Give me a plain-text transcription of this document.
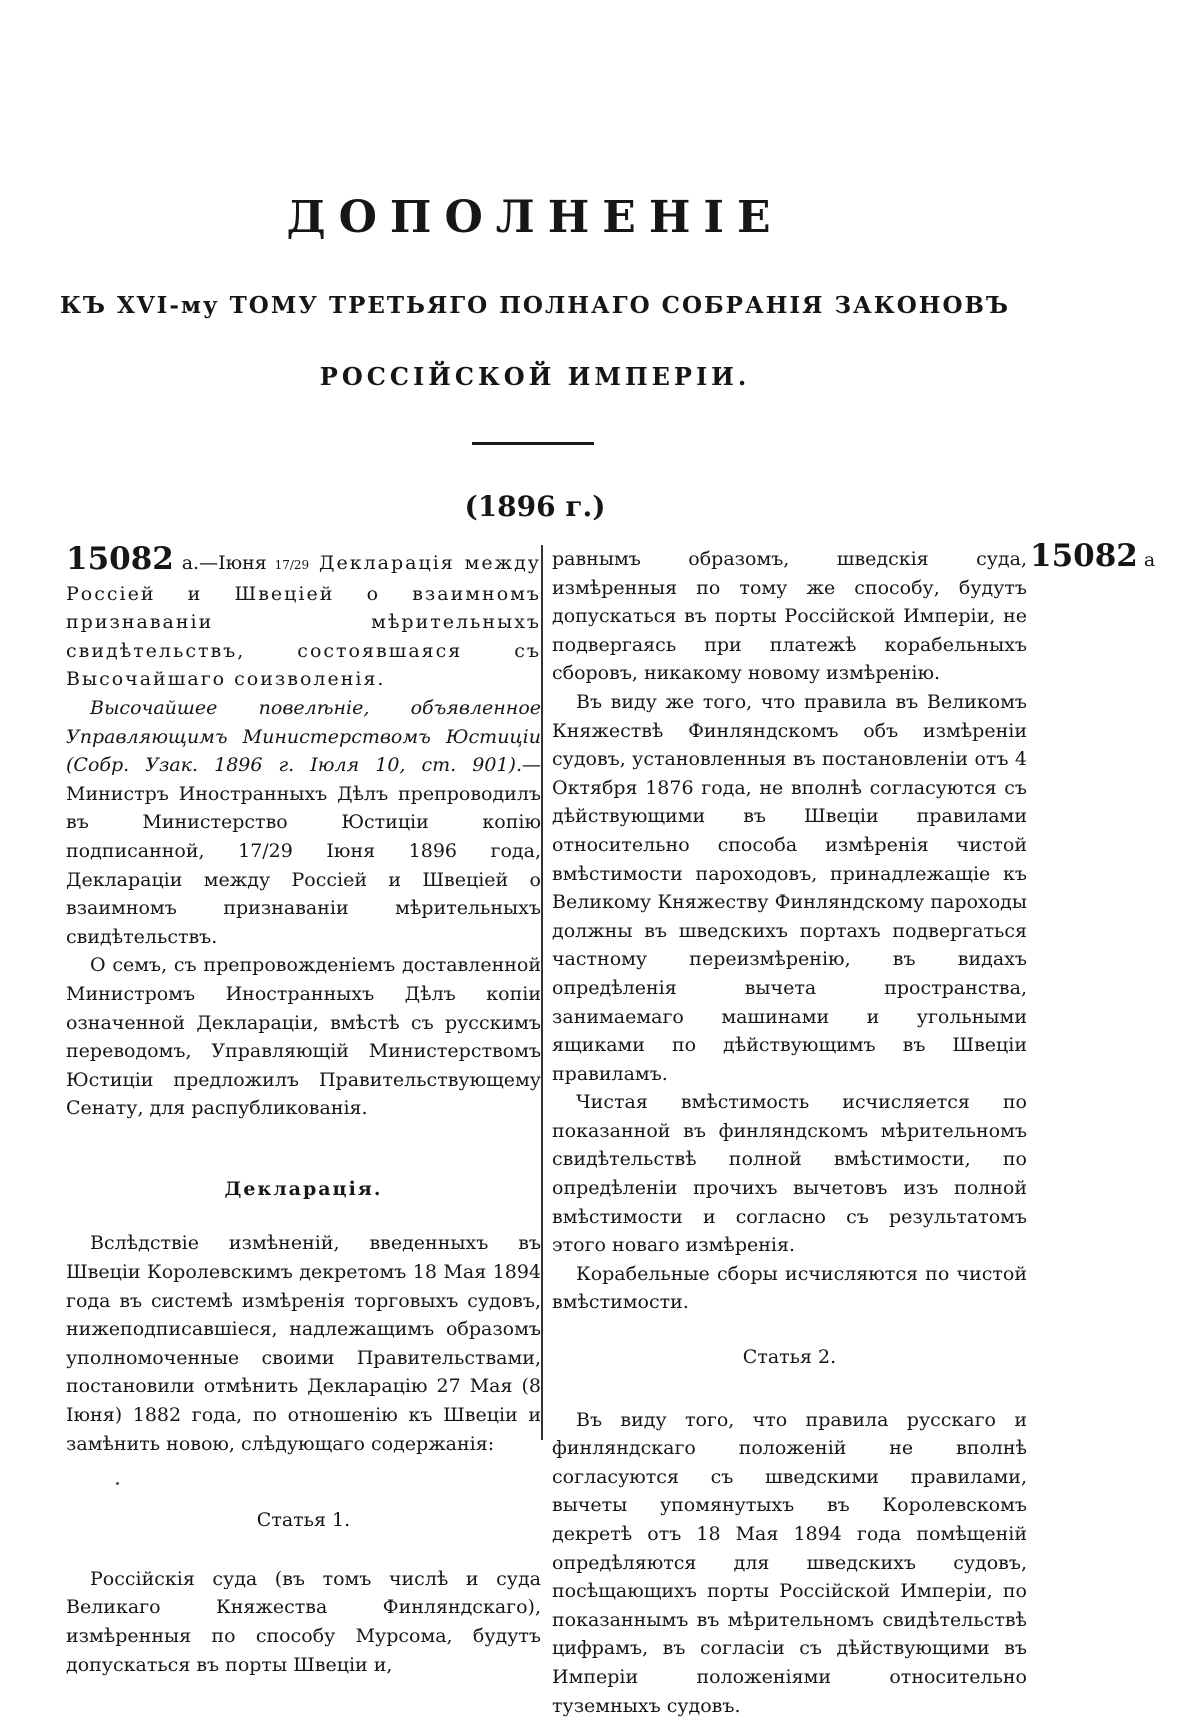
ДОПОЛНЕНІЕ

КЪ XVI-му ТОМУ ТРЕТЬЯГО ПОЛНАГО СОБРАНІЯ ЗАКОНОВЪ

РОССІЙСКОЙ ИМПЕРІИ.

(1896 г.)
15082 а

15082 а.—Іюня 17/29 Декларація между Россіей и Швеціей о взаимномъ признаваніи мѣрительныхъ свидѣтельствъ, состоявшаяся съ Высочайшаго соизволенія.

Высочайшее повелѣніе, объявленное Управляющимъ Министерствомъ Юстиціи (Собр. Узак. 1896 г. Іюля 10, ст. 901).—Министръ Иностранныхъ Дѣлъ препроводилъ въ Министерство Юстиціи копію подписанной, 17/29 Іюня 1896 года, Деклараціи между Россіей и Швеціей о взаимномъ признаваніи мѣрительныхъ свидѣтельствъ.

О семъ, съ препровожденіемъ доставленной Министромъ Иностранныхъ Дѣлъ копіи означенной Деклараціи, вмѣстѣ съ русскимъ переводомъ, Управляющій Министерствомъ Юстиціи предложилъ Правительствующему Сенату, для распубликованія.

Декларація.

Вслѣдствіе измѣненій, введенныхъ въ Швеціи Королевскимъ декретомъ 18 Мая 1894 года въ системѣ измѣренія торговыхъ судовъ, нижеподписавшіеся, надлежащимъ образомъ уполномоченные своими Правительствами, постановили отмѣнить Декларацію 27 Мая (8 Іюня) 1882 года, по отношенію къ Швеціи и замѣнить новою, слѣдующаго содержанія:

Статья 1.

Россійскія суда (въ томъ числѣ и суда Великаго Княжества Финляндскаго), измѣренныя по способу Мурсома, будутъ допускаться въ порты Швеціи и,

равнымъ образомъ, шведскія суда, измѣренныя по тому же способу, будутъ допускаться въ порты Россійской Имперіи, не подвергаясь при платежѣ корабельныхъ сборовъ, никакому новому измѣренію.

Въ виду же того, что правила въ Великомъ Княжествѣ Финляндскомъ объ измѣреніи судовъ, установленныя въ постановленіи отъ 4 Октября 1876 года, не вполнѣ согласуются съ дѣйствующими въ Швеціи правилами относительно способа измѣренія чистой вмѣстимости пароходовъ, принадлежащіе къ Великому Княжеству Финляндскому пароходы должны въ шведскихъ портахъ подвергаться частному переизмѣренію, въ видахъ опредѣленія вычета пространства, занимаемаго машинами и угольными ящиками по дѣйствующимъ въ Швеціи правиламъ.

Чистая вмѣстимость исчисляется по показанной въ финляндскомъ мѣрительномъ свидѣтельствѣ полной вмѣстимости, по опредѣленіи прочихъ вычетовъ изъ полной вмѣстимости и согласно съ результатомъ этого новаго измѣренія.

Корабельные сборы исчисляются по чистой вмѣстимости.

Статья 2.

Въ виду того, что правила русскаго и финляндскаго положеній не вполнѣ согласуются съ шведскими правилами, вычеты упомянутыхъ въ Королевскомъ декретѣ отъ 18 Мая 1894 года помѣщеній опредѣляются для шведскихъ судовъ, посѣщающихъ порты Россійской Имперіи, по показаннымъ въ мѣрительномъ свидѣтельствѣ цифрамъ, въ согласіи съ дѣйствующими въ Имперіи положеніями относительно туземныхъ судовъ.
